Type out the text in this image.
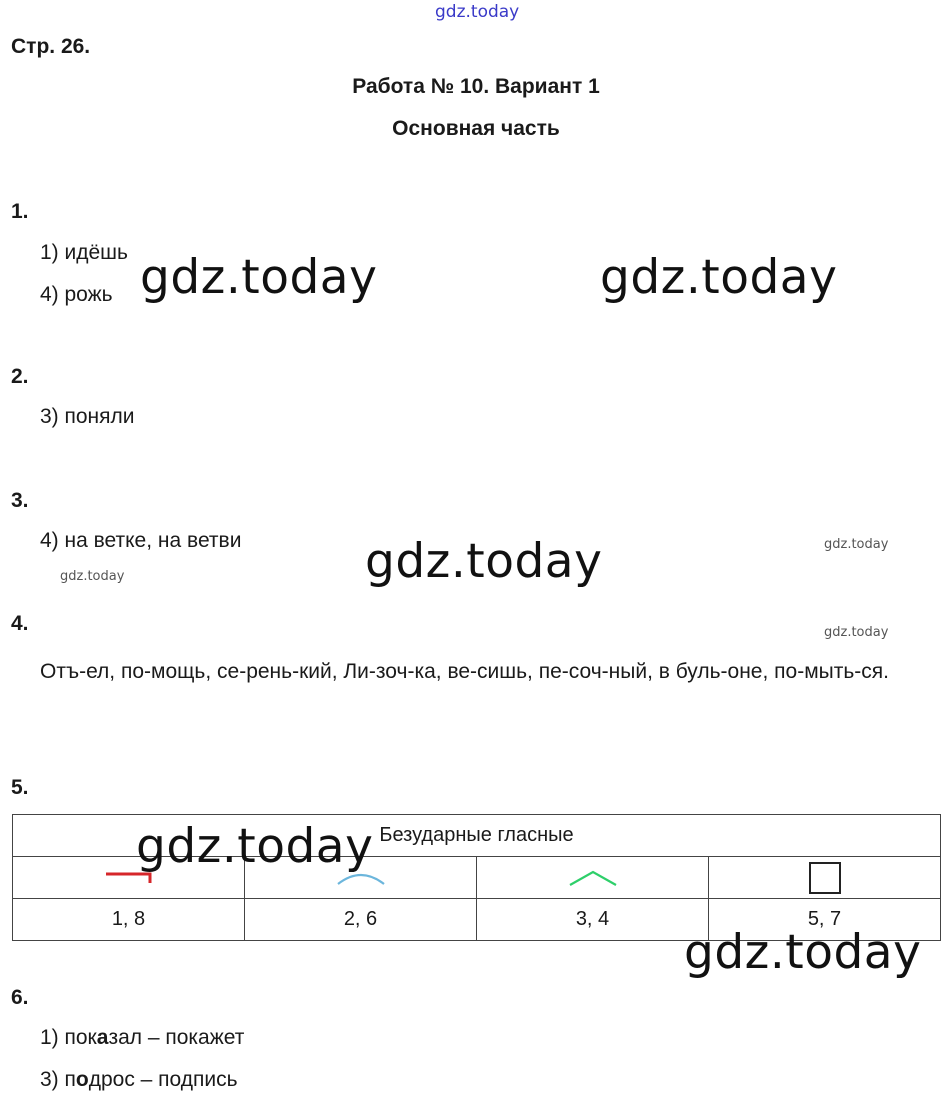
gdz.today
Стр. 26.
Работа № 10. Вариант 1
Основная часть
1.
1) идёшь
4) рожь gdz.today	gdz.today
2.
3) поняли
3.
4) на ветке, на ветви	gdz.today
gdz.today
gdz.today
4.	gdz.today
Отъ-ел, по-мощь, се-рень-кий, Ли-зоч-ка, ве-сишь, пе-соч-ный, в буль-оне, по-мыть-ся.
5.
Безударные гласные			

1, 8	2, 6	3, 4	5, 7
gdz.today
gdz.today
6.
1) показал – покажет
3) подрос – подпись
